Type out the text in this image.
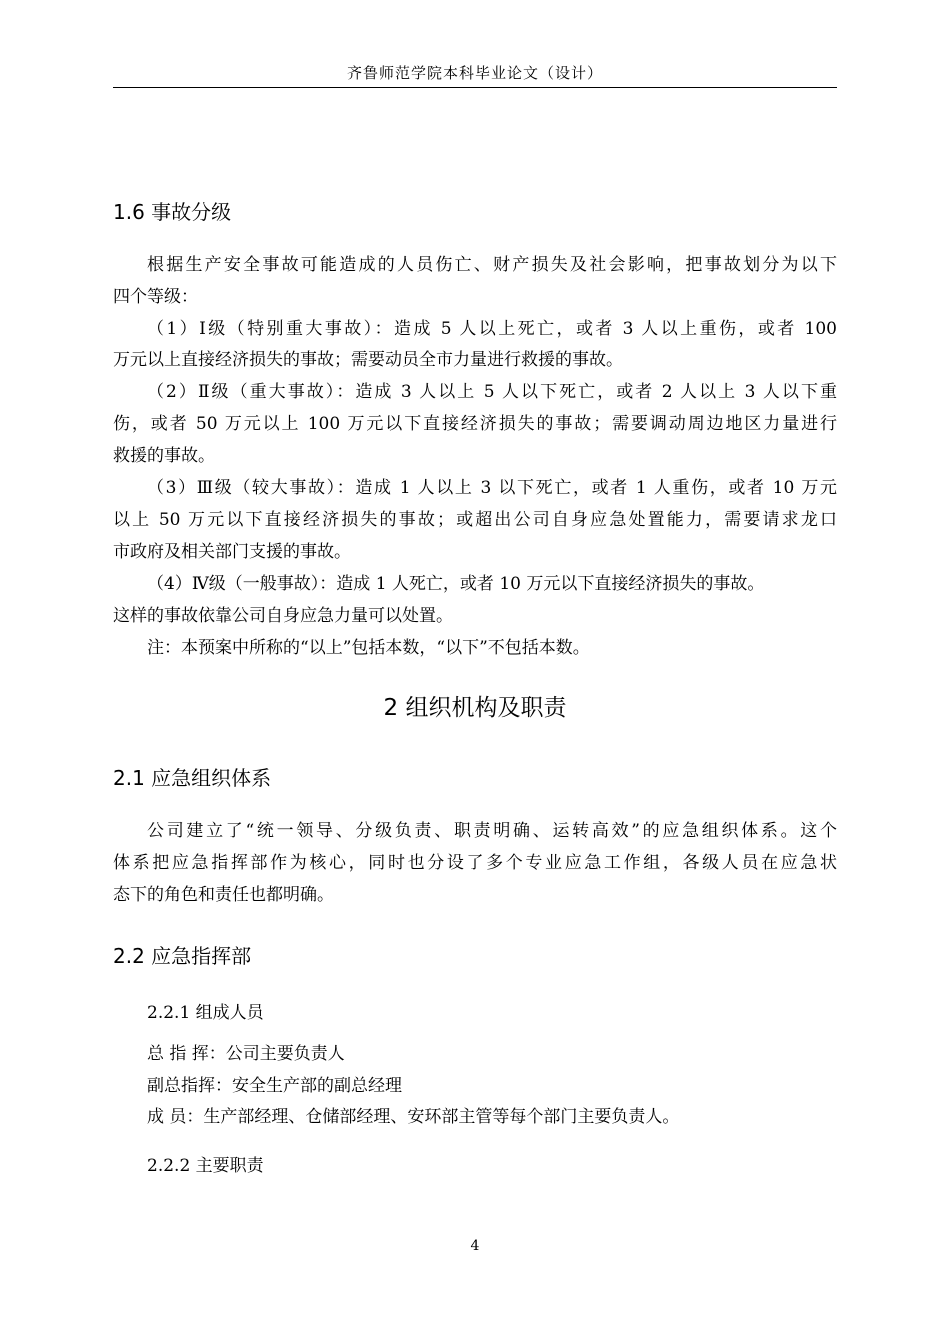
齐鲁师范学院本科毕业论文（设计）
1.6 事故分级
根据生产安全事故可能造成的人员伤亡、财产损失及社会影响，把事故划分为以下
四个等级：
（1）Ⅰ级（特别重大事故）：造成 5 人以上死亡，或者 3 人以上重伤，或者 100
万元以上直接经济损失的事故；需要动员全市力量进行救援的事故。
（2）Ⅱ级（重大事故）：造成 3 人以上 5 人以下死亡，或者 2 人以上 3 人以下重
伤，或者 50 万元以上 100 万元以下直接经济损失的事故；需要调动周边地区力量进行
救援的事故。
（3）Ⅲ级（较大事故）：造成 1 人以上 3 以下死亡，或者 1 人重伤，或者 10 万元
以上 50 万元以下直接经济损失的事故；或超出公司自身应急处置能力，需要请求龙口
市政府及相关部门支援的事故。
（4）Ⅳ级（一般事故）：造成 1 人死亡，或者 10 万元以下直接经济损失的事故。
这样的事故依靠公司自身应急力量可以处置。
注：本预案中所称的“以上”包括本数，“以下”不包括本数。
2 组织机构及职责
2.1 应急组织体系
公司建立了“统一领导、分级负责、职责明确、运转高效”的应急组织体系。这个
体系把应急指挥部作为核心，同时也分设了多个专业应急工作组，各级人员在应急状
态下的角色和责任也都明确。
2.2 应急指挥部
2.2.1 组成人员
总 指 挥：公司主要负责人
副总指挥：安全生产部的副总经理
成 员：生产部经理、仓储部经理、安环部主管等每个部门主要负责人。
2.2.2 主要职责
4
